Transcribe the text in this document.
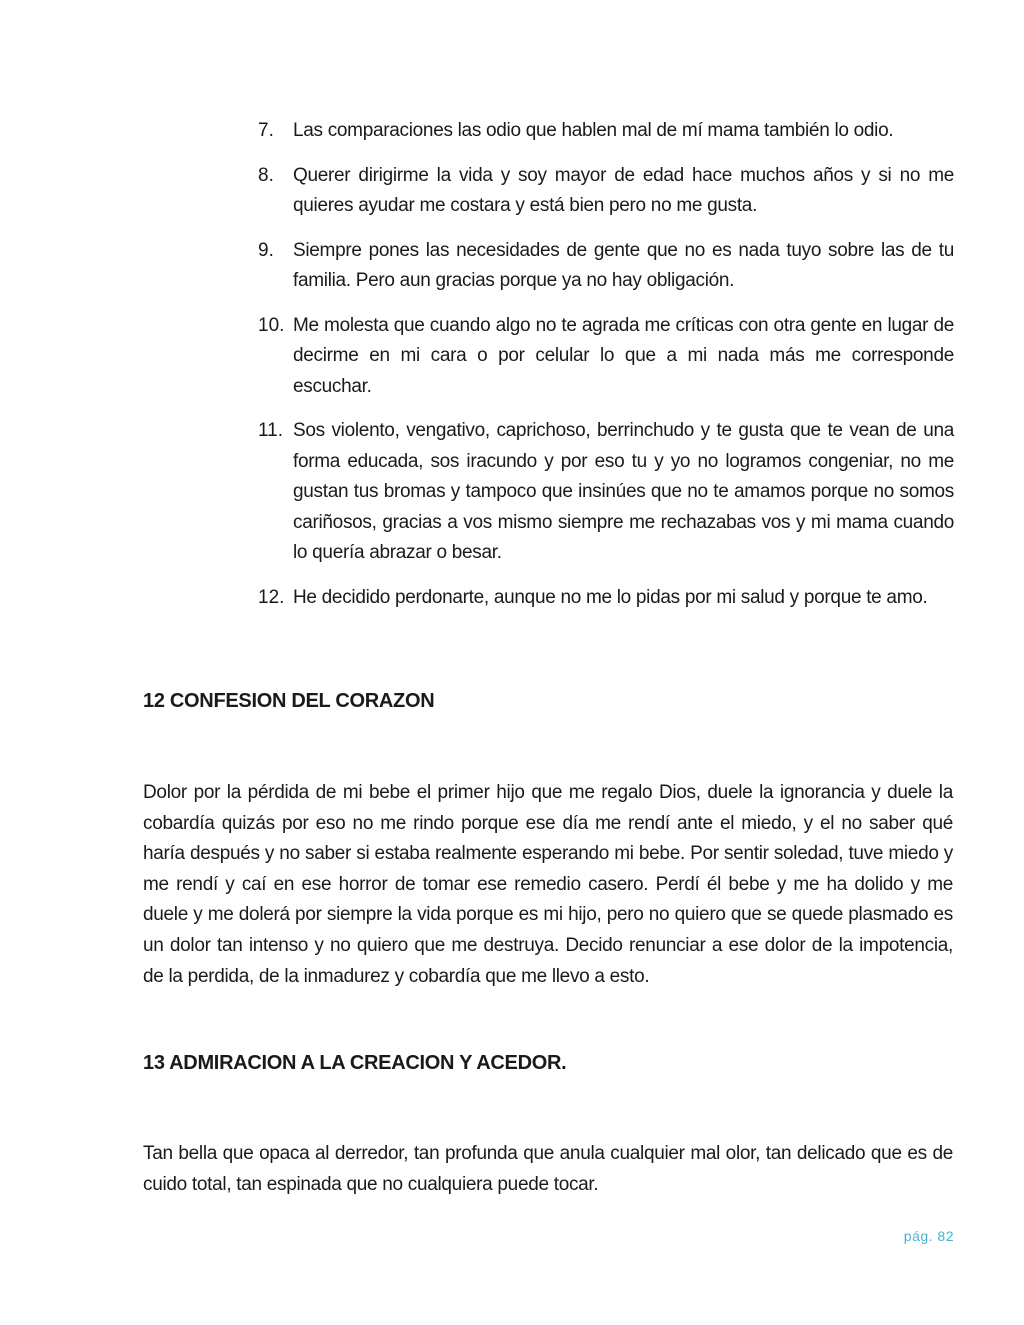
7. Las comparaciones las odio que hablen mal de mí mama también lo odio.
8. Querer dirigirme la vida y soy mayor de edad hace muchos años y si no me quieres ayudar me costara y está bien pero no me gusta.
9. Siempre pones las necesidades de gente que no es nada tuyo sobre las de tu familia. Pero aun gracias porque ya no hay obligación.
10. Me molesta que cuando algo no te agrada me críticas con otra gente en lugar de decirme en mi cara o por celular lo que a mi nada más me corresponde escuchar.
11. Sos violento, vengativo, caprichoso, berrinchudo y te gusta que te vean de una forma educada, sos iracundo y por eso tu y yo no logramos congeniar, no me gustan tus bromas y tampoco que insinúes que no te amamos porque no somos cariñosos, gracias a vos mismo siempre me rechazabas vos y mi mama cuando lo quería abrazar o besar.
12. He decidido perdonarte, aunque no me lo pidas por mi salud y porque te amo.
12 CONFESION DEL CORAZON

Dolor por la pérdida de mi bebe el primer hijo que me regalo Dios, duele la ignorancia y duele la cobardía quizás por eso no me rindo porque ese día me rendí ante el miedo, y el no saber qué haría después y no saber si estaba realmente esperando mi bebe. Por sentir soledad, tuve miedo y me rendí y caí en ese horror de tomar ese remedio casero. Perdí él bebe y me ha dolido y me duele y me dolerá por siempre la vida porque es mi hijo, pero no quiero que se quede plasmado es un dolor tan intenso y no quiero que me destruya. Decido renunciar a ese dolor de la impotencia, de la perdida, de la inmadurez y cobardía que me llevo a esto.

13 ADMIRACION A LA CREACION Y ACEDOR.

Tan bella que opaca al derredor, tan profunda que anula cualquier mal olor, tan delicado que es de cuido total, tan espinada que no cualquiera puede tocar.

pág. 82
